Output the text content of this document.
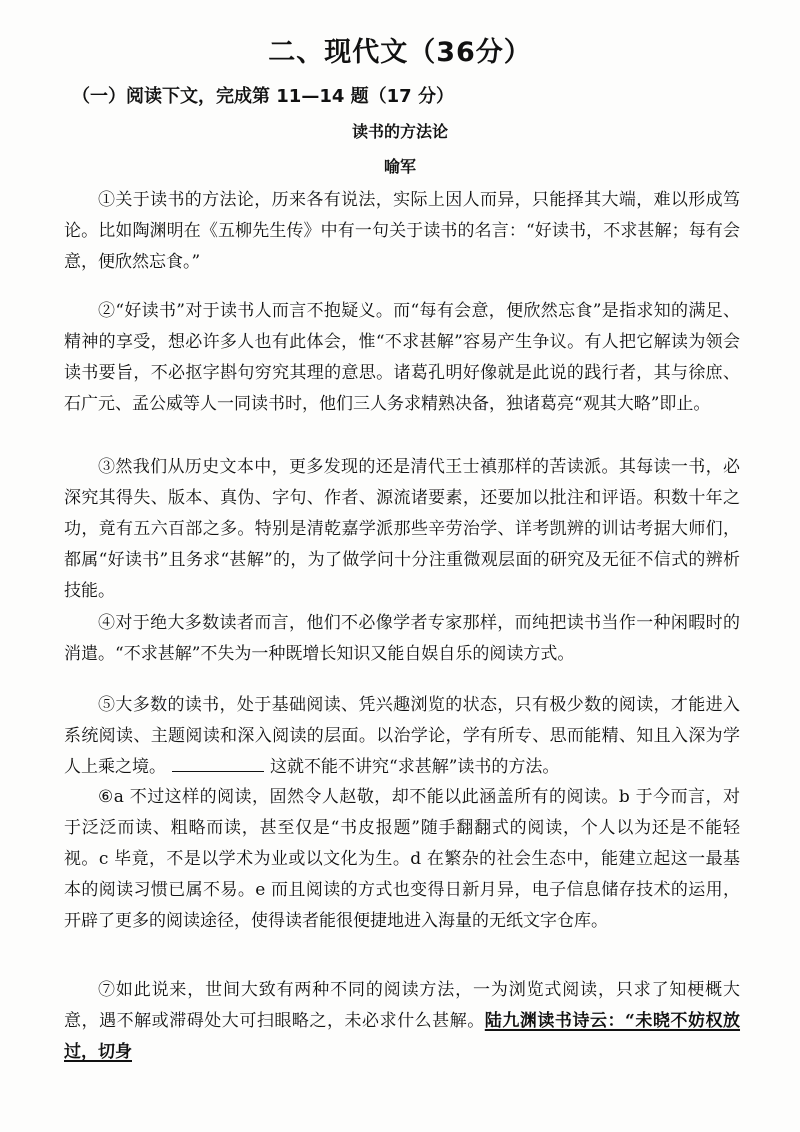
二、现代文（36分）
（一）阅读下文，完成第 11—14 题（17 分）
读书的方法论
喻军
①关于读书的方法论，历来各有说法，实际上因人而异，只能择其大端，难以形成笃论。比如陶渊明在《五柳先生传》中有一句关于读书的名言：“好读书，不求甚解；每有会意，便欣然忘食。”
②“好读书”对于读书人而言不抱疑义。而“每有会意，便欣然忘食”是指求知的满足、精神的享受，想必许多人也有此体会，惟“不求甚解”容易产生争议。有人把它解读为领会读书要旨，不必抠字斟句穷究其理的意思。诸葛孔明好像就是此说的践行者，其与徐庶、石广元、孟公威等人一同读书时，他们三人务求精熟决备，独诸葛亮“观其大略”即止。
③然我们从历史文本中，更多发现的还是清代王士禛那样的苦读派。其每读一书，必深究其得失、版本、真伪、字句、作者、源流诸要素，还要加以批注和评语。积数十年之功，竟有五六百部之多。特别是清乾嘉学派那些辛劳治学、详考凯辨的训诂考据大师们，都属“好读书”且务求“甚解”的，为了做学问十分注重微观层面的研究及无征不信式的辨析技能。
④对于绝大多数读者而言，他们不必像学者专家那样，而纯把读书当作一种闲暇时的消遣。“不求甚解”不失为一种既增长知识又能自娱自乐的阅读方式。
⑤大多数的读书，处于基础阅读、凭兴趣浏览的状态，只有极少数的阅读，才能进入系统阅读、主题阅读和深入阅读的层面。以治学论，学有所专、思而能精、知且入深为学人上乘之境。	这就不能不讲究“求甚解”读书的方法。
⑥a 不过这样的阅读，固然令人赵敬，却不能以此涵盖所有的阅读。b 于今而言，对于泛泛而读、粗略而读，甚至仅是“书皮报题”随手翻翻式的阅读，个人以为还是不能轻视。c 毕竟，不是以学术为业或以文化为生。d 在繁杂的社会生态中，能建立起这一最基本的阅读习惯已属不易。e 而且阅读的方式也变得日新月异，电子信息储存技术的运用，开辟了更多的阅读途径，使得读者能很便捷地进入海量的无纸文字仓库。
⑦如此说来，世间大致有两种不同的阅读方法，一为浏览式阅读，只求了知梗概大意，遇不解或滞碍处大可扫眼略之，未必求什么甚解。陆九渊读书诗云：“未晓不妨权放过，切身
